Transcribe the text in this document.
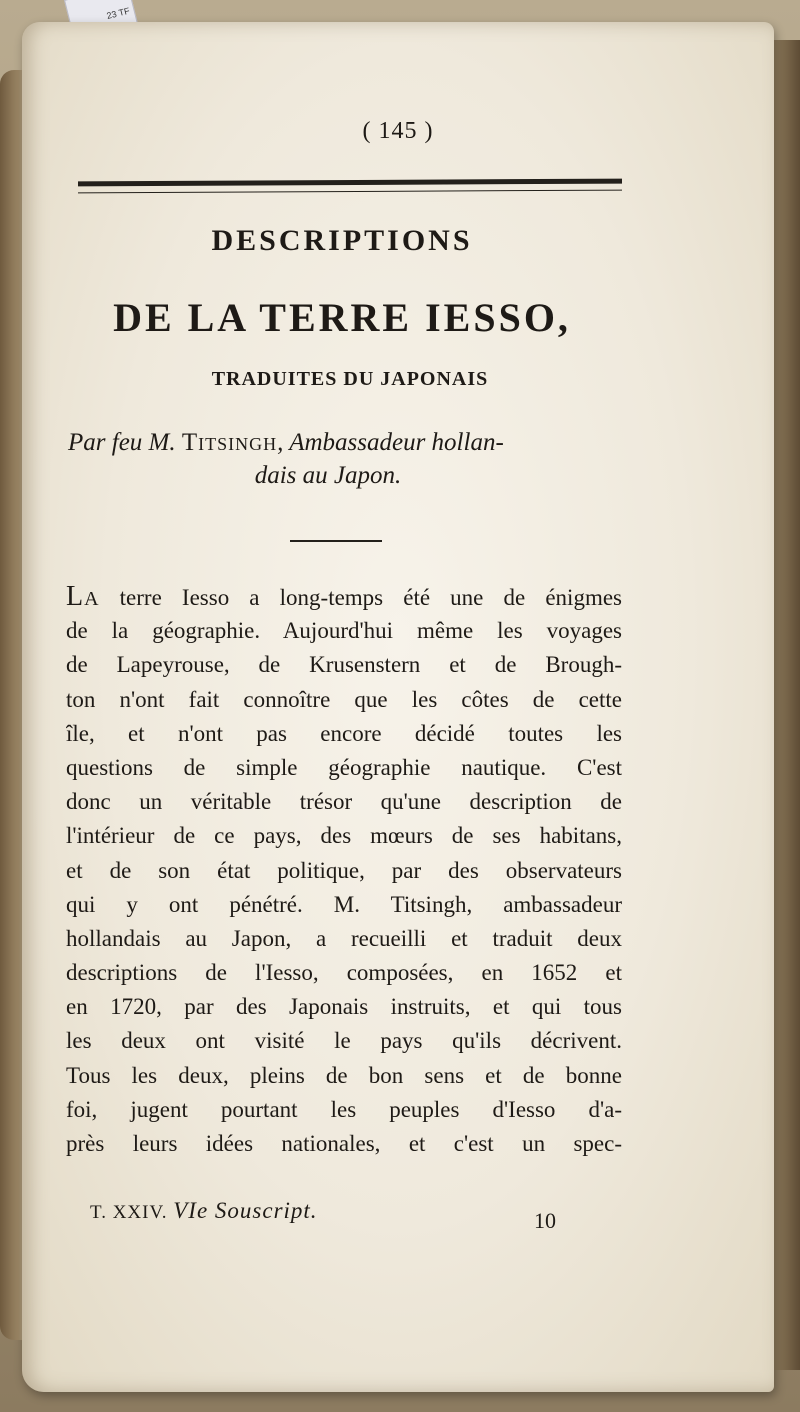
23 TF
( 145 )
DESCRIPTIONS
DE LA TERRE IESSO,
TRADUITES DU JAPONAIS
Par feu M. Titsingh, Ambassadeur hollan-
dais au Japon.
La terre Iesso a long-temps été une de énigmes
de la géographie. Aujourd'hui même les voyages
de Lapeyrouse, de Krusenstern et de Brough-
ton n'ont fait connoître que les côtes de cette
île, et n'ont pas encore décidé toutes les
questions de simple géographie nautique. C'est
donc un véritable trésor qu'une description de
l'intérieur de ce pays, des mœurs de ses habitans,
et de son état politique, par des observateurs
qui y ont pénétré. M. Titsingh, ambassadeur
hollandais au Japon, a recueilli et traduit deux
descriptions de l'Iesso, composées, en 1652 et
en 1720, par des Japonais instruits, et qui tous
les deux ont visité le pays qu'ils décrivent.
Tous les deux, pleins de bon sens et de bonne
foi, jugent pourtant les peuples d'Iesso d'a-
près leurs idées nationales, et c'est un spec-
T. XXIV. VIe Souscript.	10
